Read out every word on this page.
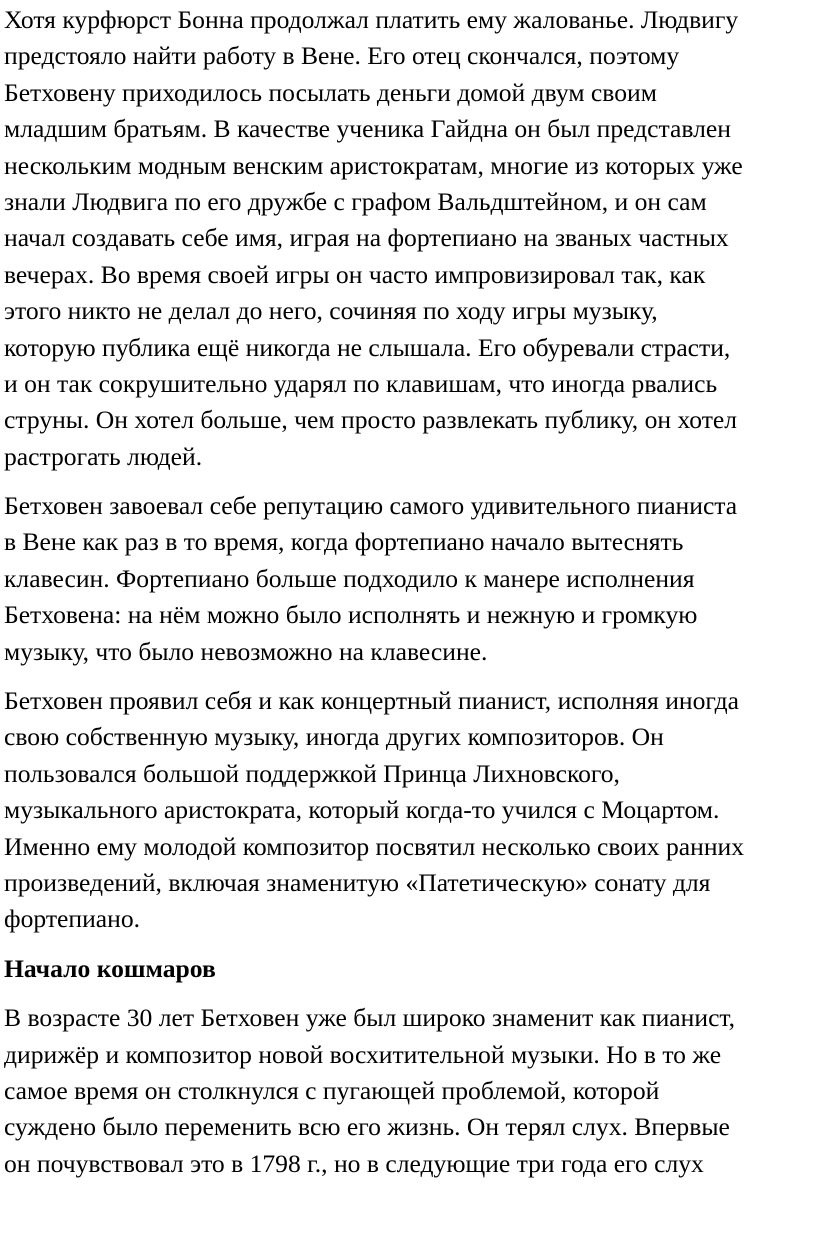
Хотя курфюрст Бонна продолжал платить ему жалованье. Людвигу
предстояло найти работу в Вене. Его отец скончался, поэтому
Бетховену приходилось посылать деньги домой двум своим
младшим братьям. В качестве ученика Гайдна он был представлен
нескольким модным венским аристократам, многие из которых уже
знали Людвига по его дружбе с графом Вальдштейном, и он сам
начал создавать себе имя, играя на фортепиано на званых частных
вечерах. Во время своей игры он часто импровизировал так, как
этого никто не делал до него, сочиняя по ходу игры музыку,
которую публика ещё никогда не слышала. Его обуревали страсти,
и он так сокрушительно ударял по клавишам, что иногда рвались
струны. Он хотел больше, чем просто развлекать публику, он хотел
растрогать людей.
Бетховен завоевал себе репутацию самого удивительного пианиста
в Вене как раз в то время, когда фортепиано начало вытеснять
клавесин. Фортепиано больше подходило к манере исполнения
Бетховена: на нём можно было исполнять и нежную и громкую
музыку, что было невозможно на клавесине.
Бетховен проявил себя и как концертный пианист, исполняя иногда
свою собственную музыку, иногда других композиторов. Он
пользовался большой поддержкой Принца Лихновского,
музыкального аристократа, который когда-то учился с Моцартом.
Именно ему молодой композитор посвятил несколько своих ранних
произведений, включая знаменитую «Патетическую» сонату для
фортепиано.
Начало кошмаров
В возрасте 30 лет Бетховен уже был широко знаменит как пианист,
дирижёр и композитор новой восхитительной музыки. Но в то же
самое время он столкнулся с пугающей проблемой, которой
суждено было переменить всю его жизнь. Он терял слух. Впервые
он почувствовал это в 1798 г., но в следующие три года его слух
